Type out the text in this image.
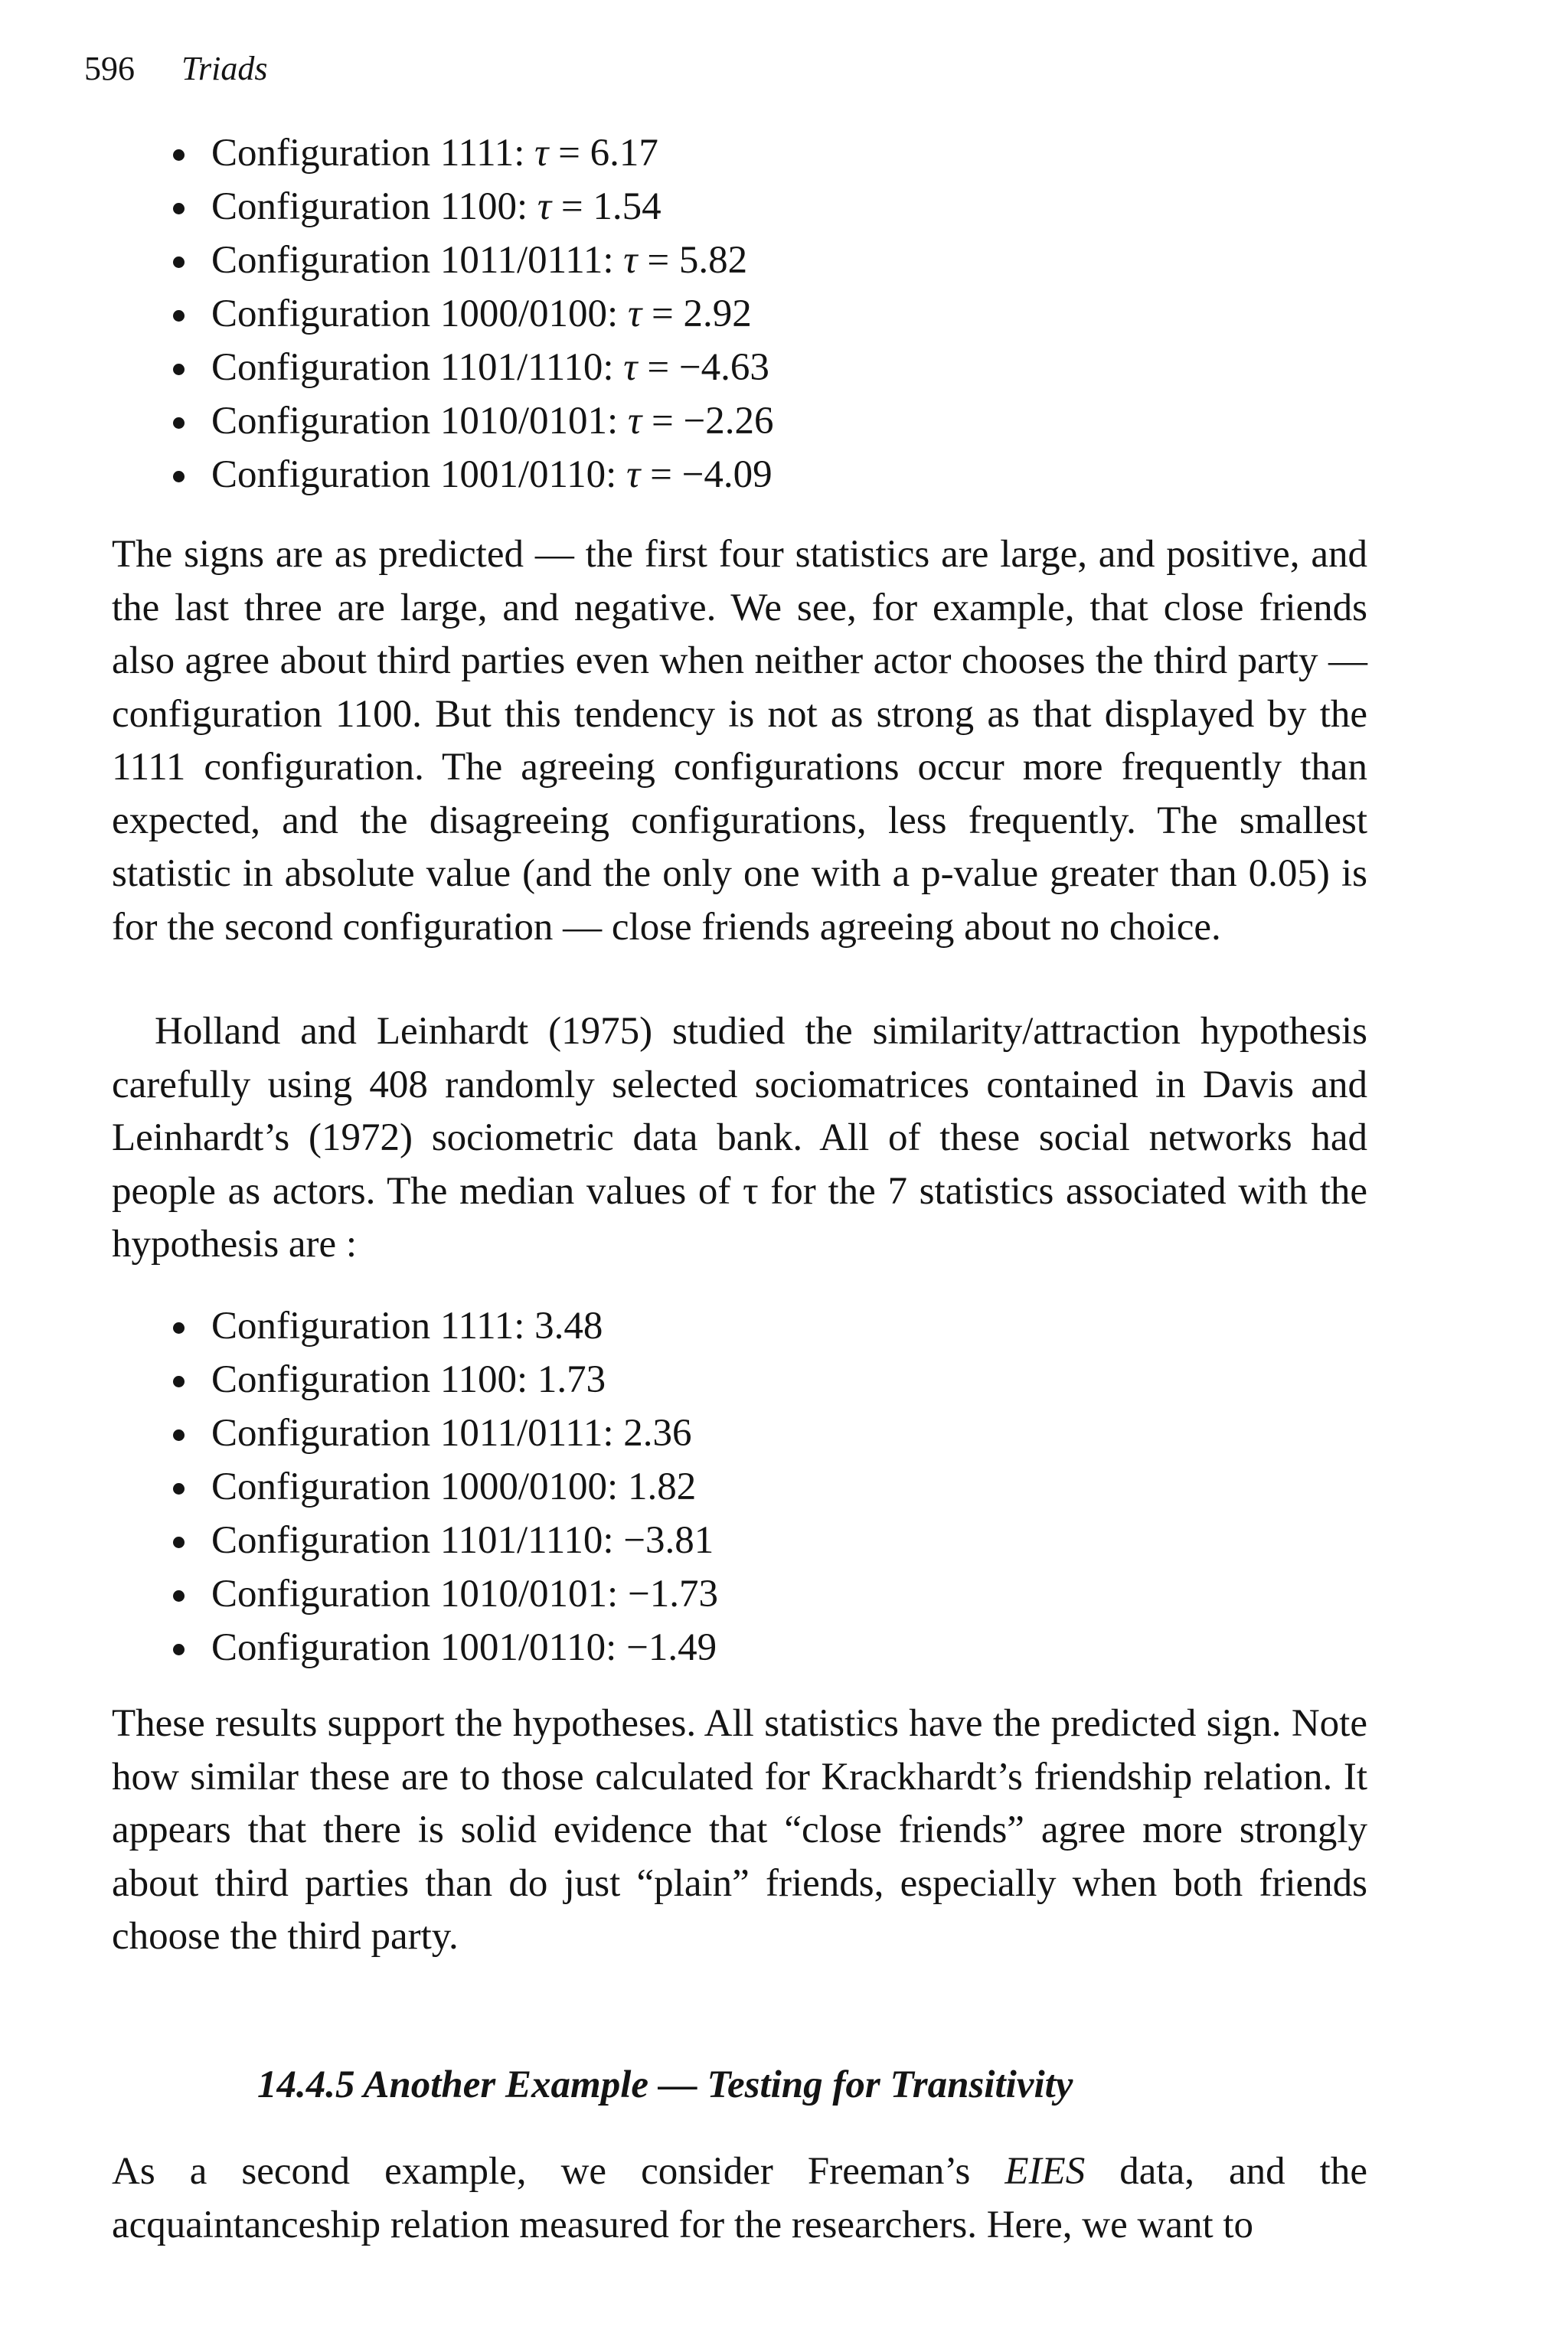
596 Triads
Configuration 1111: τ = 6.17
Configuration 1100: τ = 1.54
Configuration 1011/0111: τ = 5.82
Configuration 1000/0100: τ = 2.92
Configuration 1101/1110: τ = −4.63
Configuration 1010/0101: τ = −2.26
Configuration 1001/0110: τ = −4.09

The signs are as predicted — the first four statistics are large, and positive, and the last three are large, and negative. We see, for example, that close friends also agree about third parties even when neither actor chooses the third party — configuration 1100. But this tendency is not as strong as that displayed by the 1111 configuration. The agreeing configurations occur more frequently than expected, and the disagreeing configurations, less frequently. The smallest statistic in absolute value (and the only one with a p-value greater than 0.05) is for the second configuration — close friends agreeing about no choice.

Holland and Leinhardt (1975) studied the similarity/attraction hypothesis carefully using 408 randomly selected sociomatrices contained in Davis and Leinhardt’s (1972) sociometric data bank. All of these social networks had people as actors. The median values of τ for the 7 statistics associated with the hypothesis are :

Configuration 1111: 3.48
Configuration 1100: 1.73
Configuration 1011/0111: 2.36
Configuration 1000/0100: 1.82
Configuration 1101/1110: −3.81
Configuration 1010/0101: −1.73
Configuration 1001/0110: −1.49

These results support the hypotheses. All statistics have the predicted sign. Note how similar these are to those calculated for Krackhardt’s friendship relation. It appears that there is solid evidence that “close friends” agree more strongly about third parties than do just “plain” friends, especially when both friends choose the third party.

14.4.5 Another Example — Testing for Transitivity

As a second example, we consider Freeman’s EIES data, and the acquaintanceship relation measured for the researchers. Here, we want to
